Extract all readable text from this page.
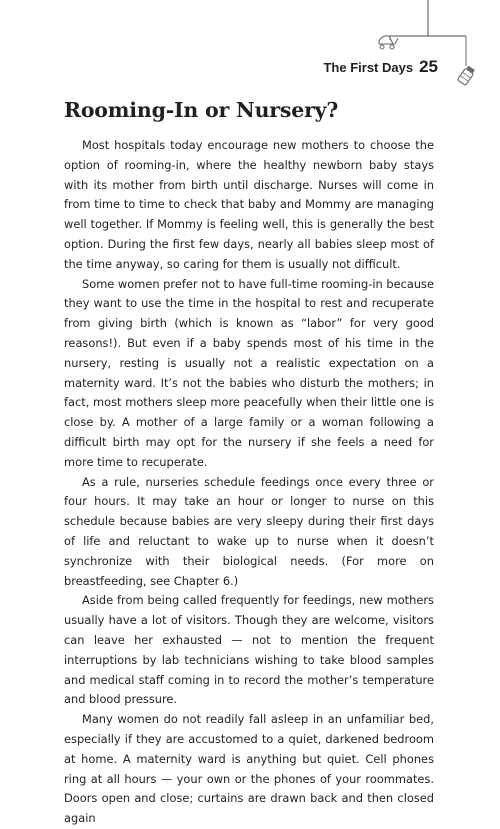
The First Days 25
Rooming-In or Nursery?

Most hospitals today encourage new mothers to choose the option of rooming-in, where the healthy newborn baby stays with its mother from birth until discharge. Nurses will come in from time to time to check that baby and Mommy are managing well together. If Mommy is feeling well, this is generally the best option. During the first few days, nearly all babies sleep most of the time anyway, so caring for them is usually not difficult.

Some women prefer not to have full-time rooming-in because they want to use the time in the hospital to rest and recuperate from giving birth (which is known as “labor” for very good reasons!). But even if a baby spends most of his time in the nursery, resting is usually not a realistic expectation on a maternity ward. It’s not the babies who disturb the mothers; in fact, most mothers sleep more peacefully when their little one is close by. A mother of a large family or a woman following a difficult birth may opt for the nursery if she feels a need for more time to recuperate.

As a rule, nurseries schedule feedings once every three or four hours. It may take an hour or longer to nurse on this schedule because babies are very sleepy during their first days of life and reluctant to wake up to nurse when it doesn’t synchronize with their biological needs. (For more on breastfeeding, see Chapter 6.)

Aside from being called frequently for feedings, new mothers usually have a lot of visitors. Though they are welcome, visitors can leave her exhausted — not to mention the frequent interruptions by lab technicians wishing to take blood samples and medical staff coming in to record the mother’s temperature and blood pressure.

Many women do not readily fall asleep in an unfamiliar bed, especially if they are accustomed to a quiet, darkened bedroom at home. A maternity ward is anything but quiet. Cell phones ring at all hours — your own or the phones of your roommates. Doors open and close; curtains are drawn back and then closed again
